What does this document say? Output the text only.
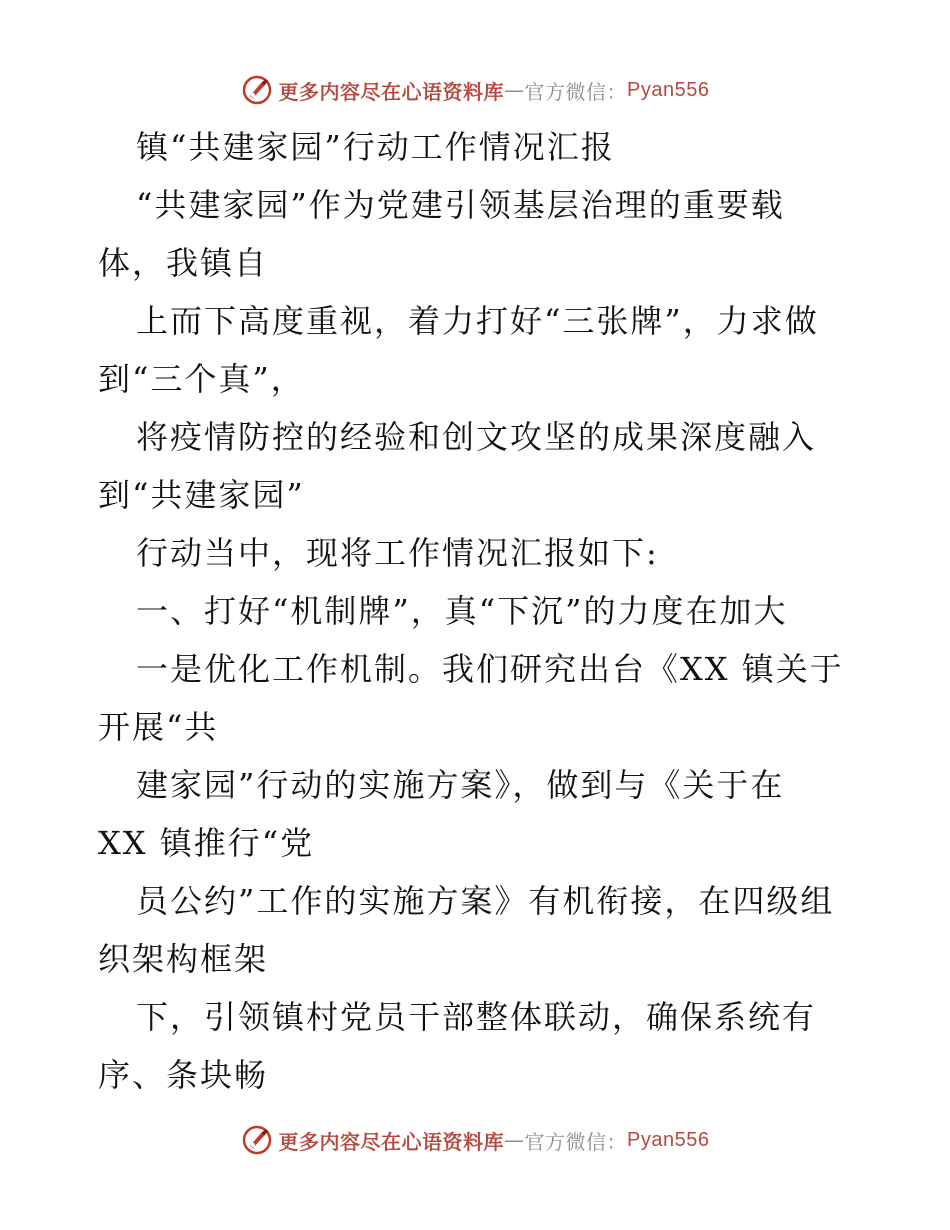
更多内容尽在心语资料库 — 官方微信： Pyan556
镇“共建家园”行动工作情况汇报
“共建家园”作为党建引领基层治理的重要载
体，我镇自
上而下高度重视，着力打好“三张牌”，力求做
到“三个真”，
将疫情防控的经验和创文攻坚的成果深度融入
到“共建家园”
行动当中，现将工作情况汇报如下:
一、打好“机制牌”，真“下沉”的力度在加大
一是优化工作机制。我们研究出台《XX 镇关于
开展“共
建家园”行动的实施方案》，做到与《关于在
XX 镇推行“党
员公约”工作的实施方案》有机衔接，在四级组
织架构框架
下，引领镇村党员干部整体联动，确保系统有
序、条块畅
更多内容尽在心语资料库 — 官方微信： Pyan556
